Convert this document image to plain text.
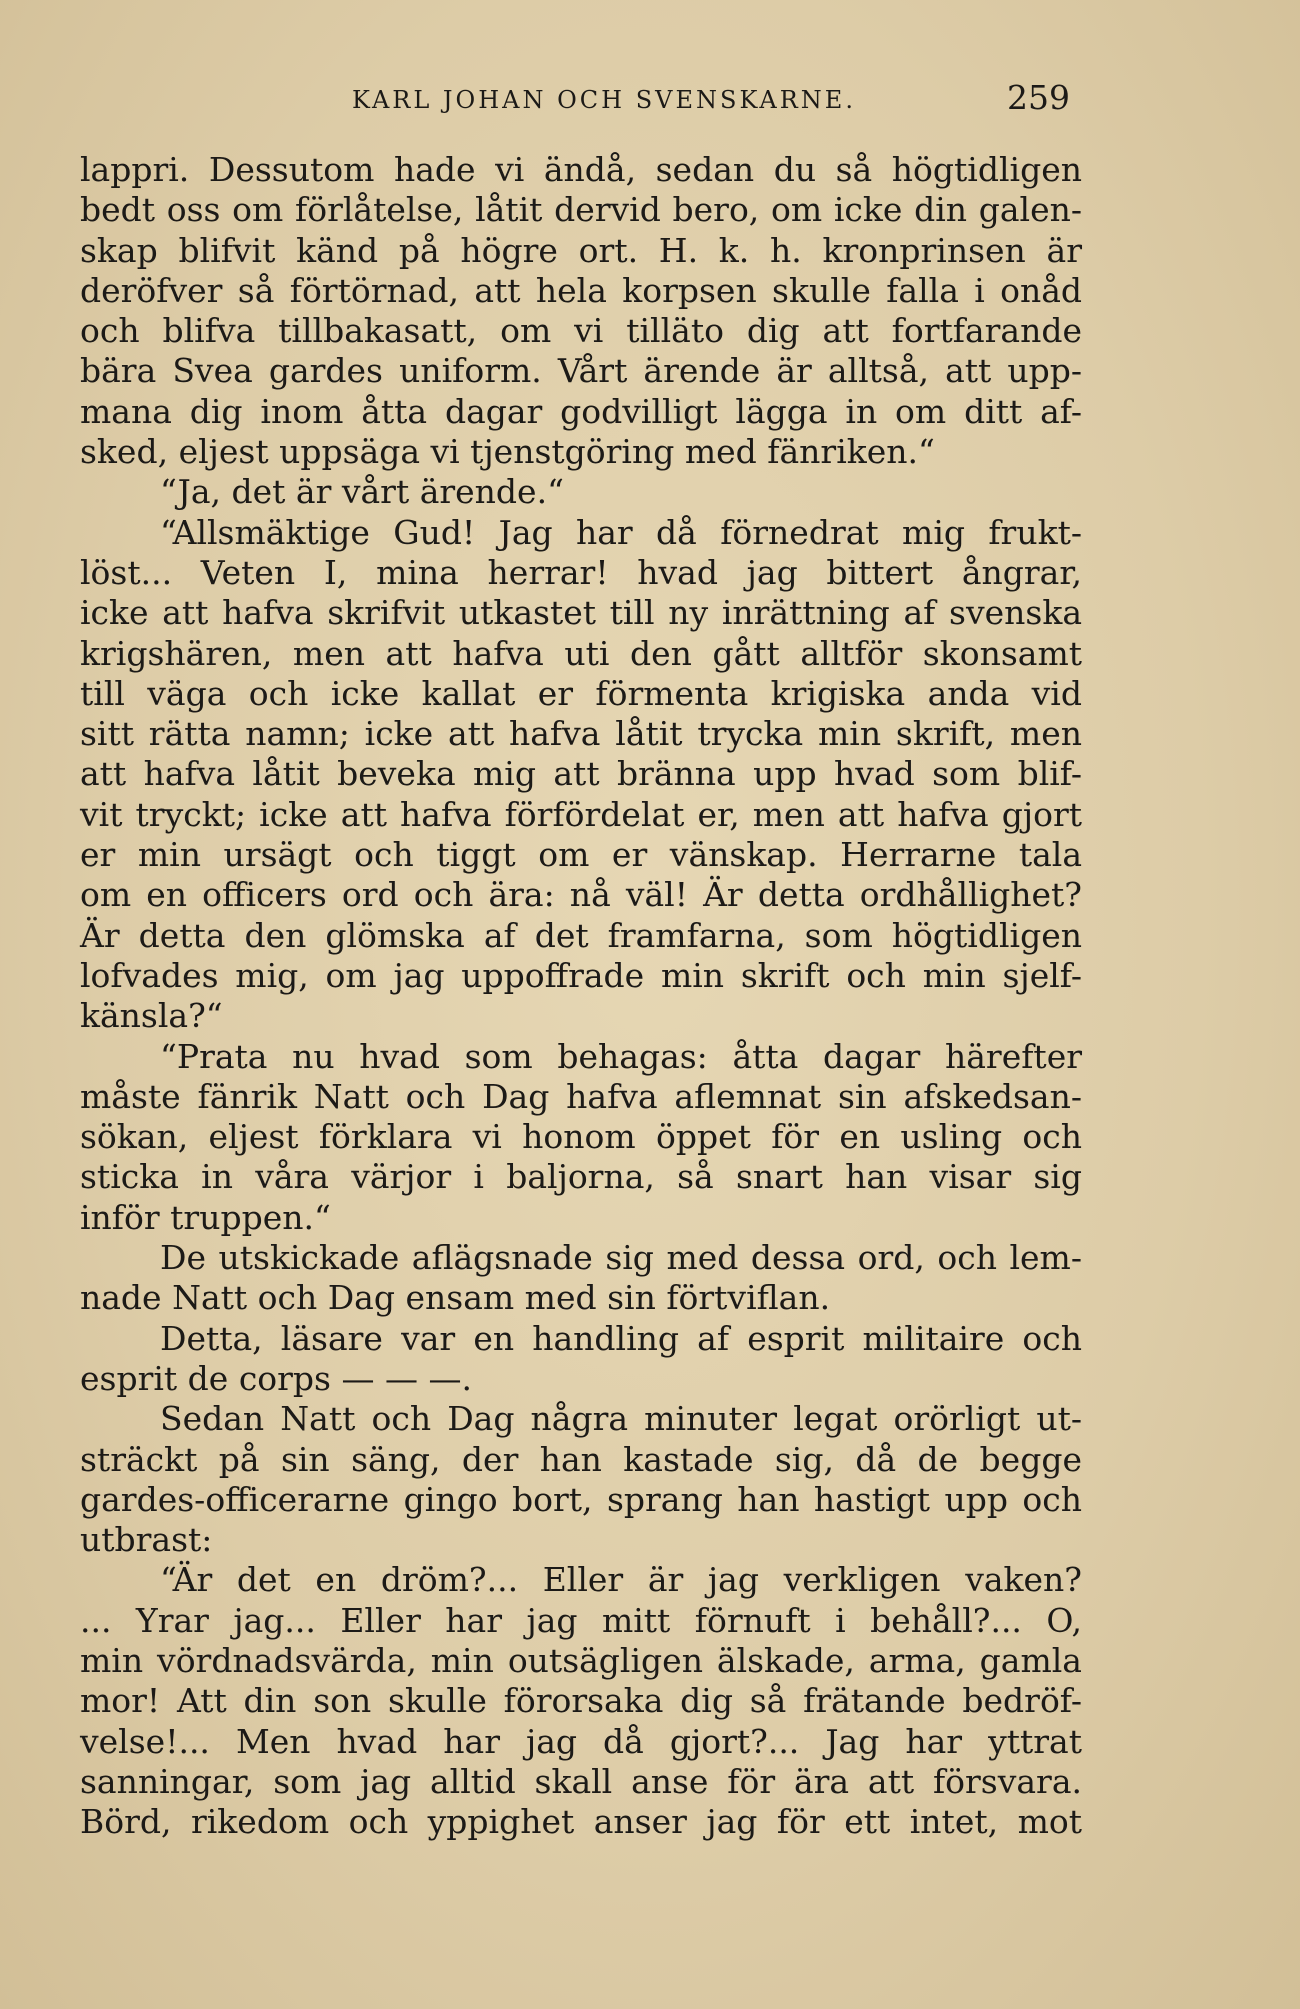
KARL JOHAN OCH SVENSKARNE.	259
lappri. Dessutom hade vi ändå, sedan du så högtidligen
bedt oss om förlåtelse, låtit dervid bero, om icke din galen-
skap blifvit känd på högre ort. H. k. h. kronprinsen är
deröfver så förtörnad, att hela korpsen skulle falla i onåd
och blifva tillbakasatt, om vi tilläto dig att fortfarande
bära Svea gardes uniform. Vårt ärende är alltså, att upp-
mana dig inom åtta dagar godvilligt lägga in om ditt af-
sked, eljest uppsäga vi tjenstgöring med fänriken.“
“Ja, det är vårt ärende.“
“Allsmäktige Gud! Jag har då förnedrat mig frukt-
löst... Veten I, mina herrar! hvad jag bittert ångrar,
icke att hafva skrifvit utkastet till ny inrättning af svenska
krigshären, men att hafva uti den gått alltför skonsamt
till väga och icke kallat er förmenta krigiska anda vid
sitt rätta namn; icke att hafva låtit trycka min skrift, men
att hafva låtit beveka mig att bränna upp hvad som blif-
vit tryckt; icke att hafva förfördelat er, men att hafva gjort
er min ursägt och tiggt om er vänskap. Herrarne tala
om en officers ord och ära: nå väl! Är detta ordhållighet?
Är detta den glömska af det framfarna, som högtidligen
lofvades mig, om jag uppoffrade min skrift och min sjelf-
känsla?“
“Prata nu hvad som behagas: åtta dagar härefter
måste fänrik Natt och Dag hafva aflemnat sin afskedsan-
sökan, eljest förklara vi honom öppet för en usling och
sticka in våra värjor i baljorna, så snart han visar sig
inför truppen.“
De utskickade aflägsnade sig med dessa ord, och lem-
nade Natt och Dag ensam med sin förtviflan.
Detta, läsare var en handling af esprit militaire och
esprit de corps — — —.
Sedan Natt och Dag några minuter legat orörligt ut-
sträckt på sin säng, der han kastade sig, då de begge
gardes-officerarne gingo bort, sprang han hastigt upp och
utbrast:
“Är det en dröm?... Eller är jag verkligen vaken?
... Yrar jag... Eller har jag mitt förnuft i behåll?... O,
min vördnadsvärda, min outsägligen älskade, arma, gamla
mor! Att din son skulle förorsaka dig så frätande bedröf-
velse!... Men hvad har jag då gjort?... Jag har yttrat
sanningar, som jag alltid skall anse för ära att försvara.
Börd, rikedom och yppighet anser jag för ett intet, mot
